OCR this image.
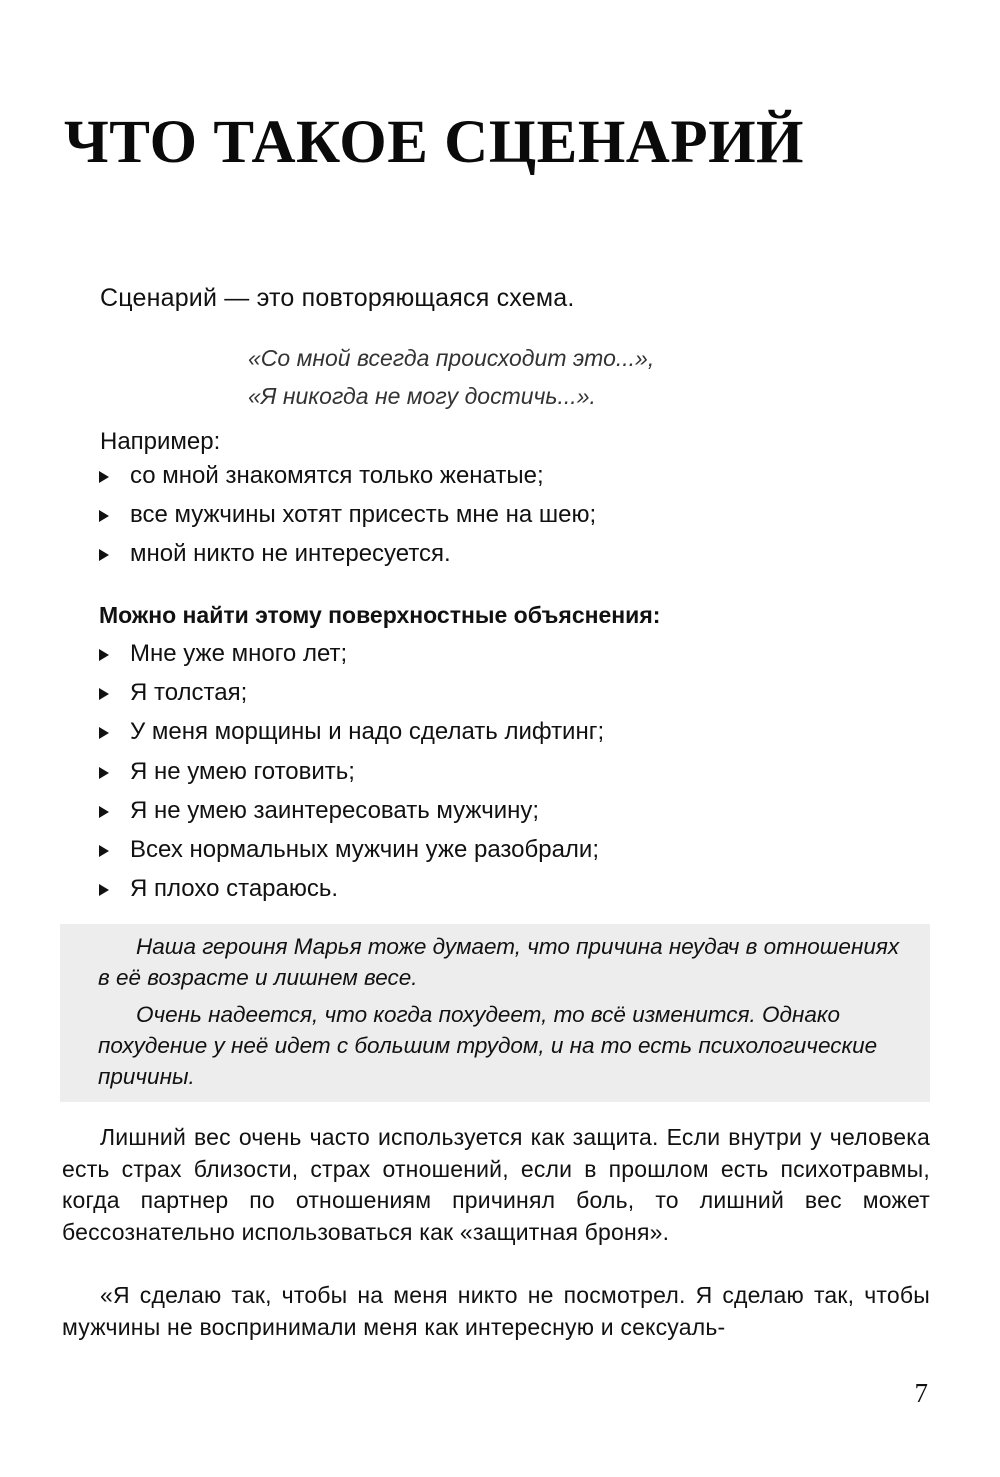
ЧТО ТАКОЕ СЦЕНАРИЙ

Сценарий — это повторяющаяся схема.

«Со мной всегда происходит это...»,
«Я никогда не могу достичь...».

Например:

со мной знакомятся только женатые;
все мужчины хотят присесть мне на шею;
мной никто не интересуется.

Можно найти этому поверхностные объяснения:

Мне уже много лет;
Я толстая;
У меня морщины и надо сделать лифтинг;
Я не умею готовить;
Я не умею заинтересовать мужчину;
Всех нормальных мужчин уже разобрали;
Я плохо стараюсь.

Наша героиня Марья тоже думает, что причина неудач в отношениях в её возрасте и лишнем весе.

Очень надеется, что когда похудеет, то всё изменится. Однако похудение у неё идет с большим трудом, и на то есть психологические причины.

Лишний вес очень часто используется как защита. Если внутри у человека есть страх близости, страх отношений, если в прошлом есть психотравмы, когда партнер по отношениям причинял боль, то лишний вес может бессознательно использоваться как «защитная броня».

«Я сделаю так, чтобы на меня никто не посмотрел. Я сделаю так, чтобы мужчины не воспринимали меня как интересную и сексуаль-

7
